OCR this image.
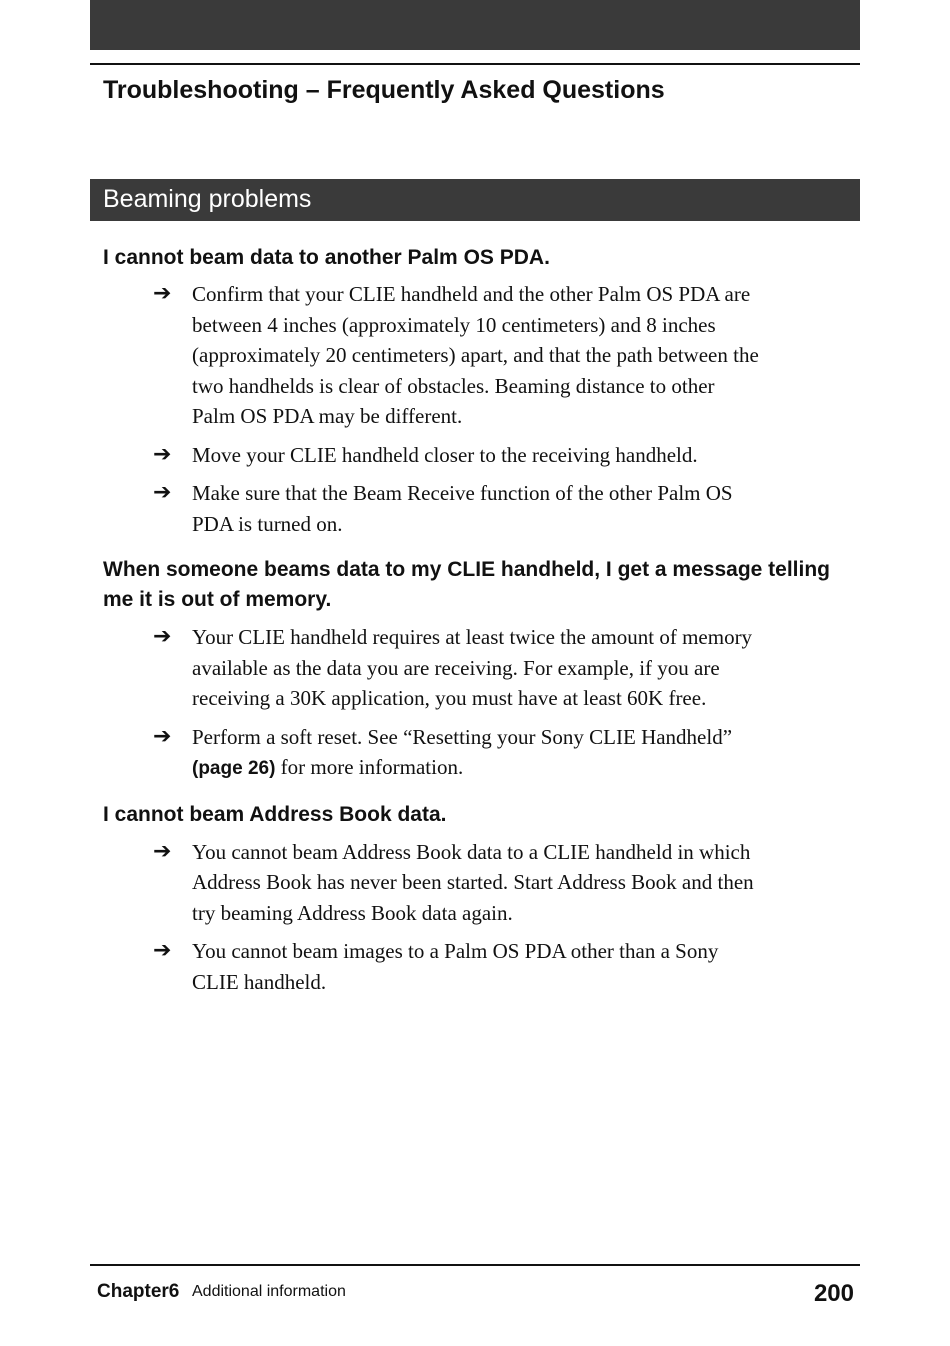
Troubleshooting – Frequently Asked Questions
Beaming problems
I cannot beam data to another Palm OS PDA.

➔ Confirm that your CLIE handheld and the other Palm OS PDA are between 4 inches (approximately 10 centimeters) and 8 inches (approximately 20 centimeters) apart, and that the path between the two handhelds is clear of obstacles. Beaming distance to other Palm OS PDA may be different.

➔ Move your CLIE handheld closer to the receiving handheld.

➔ Make sure that the Beam Receive function of the other Palm OS PDA is turned on.

When someone beams data to my CLIE handheld, I get a message telling me it is out of memory.

➔ Your CLIE handheld requires at least twice the amount of memory available as the data you are receiving. For example, if you are receiving a 30K application, you must have at least 60K free.

➔ Perform a soft reset. See “Resetting your Sony CLIE Handheld” (page 26) for more information.

I cannot beam Address Book data.

➔ You cannot beam Address Book data to a CLIE handheld in which Address Book has never been started. Start Address Book and then try beaming Address Book data again.

➔ You cannot beam images to a Palm OS PDA other than a Sony CLIE handheld.

Chapter6 Additional information	200
